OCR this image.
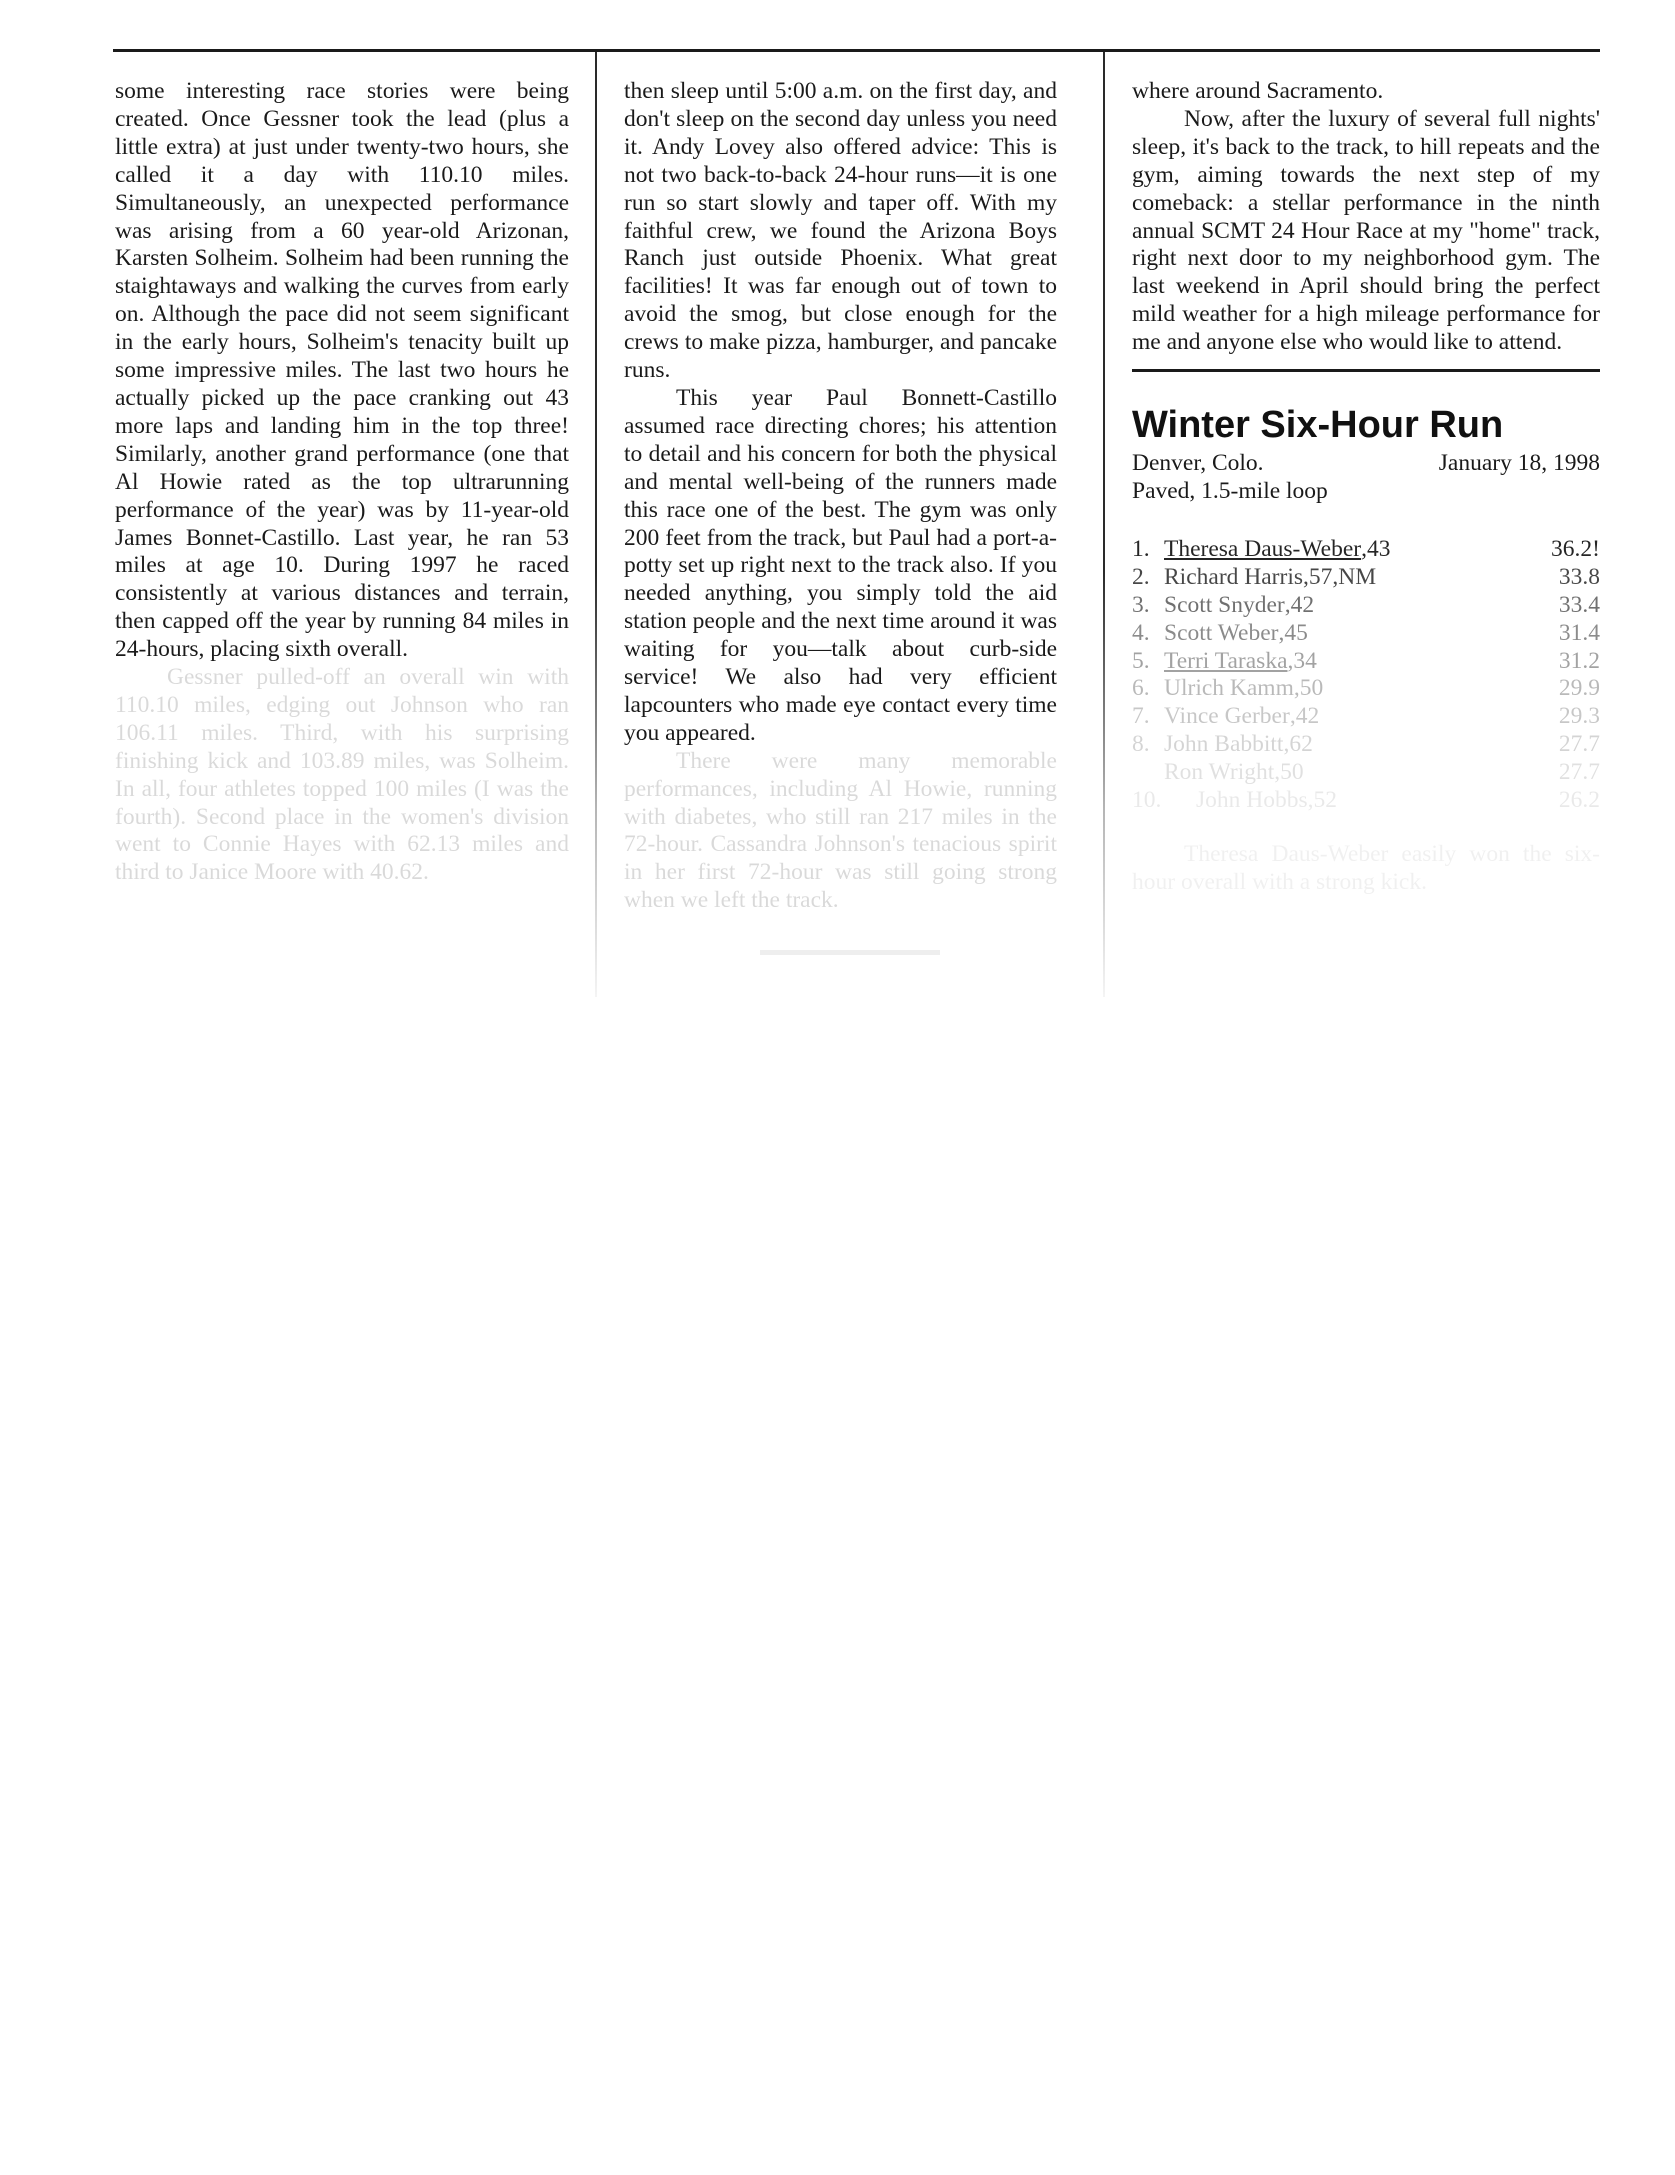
some interesting race stories were being created. Once Gessner took the lead (plus a little extra) at just under twenty-two hours, she called it a day with 110.10 miles. Simultaneously, an unexpected performance was arising from a 60 year-old Arizonan, Karsten Solheim. Solheim had been running the staightaways and walking the curves from early on. Although the pace did not seem significant in the early hours, Solheim's tenacity built up some impressive miles. The last two hours he actually picked up the pace cranking out 43 more laps and landing him in the top three! Similarly, another grand performance (one that Al Howie rated as the top ultrarunning performance of the year) was by 11-year-old James Bonnet-Castillo. Last year, he ran 53 miles at age 10. During 1997 he raced consistently at various distances and terrain, then capped off the year by running 84 miles in 24-hours, placing sixth overall.

Gessner pulled-off an overall win with 110.10 miles, edging out Johnson who ran 106.11 miles. Third, with his surprising finishing kick and 103.89 miles, was Solheim. In all, four athletes topped 100 miles (I was the fourth). Second place in the women's division went to Connie Hayes with 62.13 miles and third to Janice Moore with 40.62.

then sleep until 5:00 a.m. on the first day, and don't sleep on the second day unless you need it. Andy Lovey also offered advice: This is not two back-to-back 24-hour runs—it is one run so start slowly and taper off. With my faithful crew, we found the Arizona Boys Ranch just outside Phoenix. What great facilities! It was far enough out of town to avoid the smog, but close enough for the crews to make pizza, hamburger, and pancake runs.

This year Paul Bonnett-Castillo assumed race directing chores; his attention to detail and his concern for both the physical and mental well-being of the runners made this race one of the best. The gym was only 200 feet from the track, but Paul had a port-a-potty set up right next to the track also. If you needed anything, you simply told the aid station people and the next time around it was waiting for you—talk about curb-side service! We also had very efficient lapcounters who made eye contact every time you appeared.

There were many memorable performances, including Al Howie, running with diabetes, who still ran 217 miles in the 72-hour. Cassandra Johnson's tenacious spirit in her first 72-hour was still going strong when we left the track.

where around Sacramento.

Now, after the luxury of several full nights' sleep, it's back to the track, to hill repeats and the gym, aiming towards the next step of my comeback: a stellar performance in the ninth annual SCMT 24 Hour Race at my "home" track, right next door to my neighborhood gym. The last weekend in April should bring the perfect mild weather for a high mileage performance for me and anyone else who would like to attend.

Winter Six-Hour Run
Denver, Colo.	January 18, 1998
Paved, 1.5-mile loop
1. Theresa Daus-Weber ,43	36.2!
2. Richard Harris ,57,NM	33.8
3. Scott Snyder ,42	33.4
4. Scott Weber ,45	31.4
5. Terri Taraska ,34	31.2
6. Ulrich Kamm ,50	29.9
7. Vince Gerber ,42	29.3
8. John Babbitt ,62	27.7
Ron Wright ,50	27.7
10.	John Hobbs ,52	26.2

Theresa Daus-Weber easily won the six-hour overall with a strong kick.
